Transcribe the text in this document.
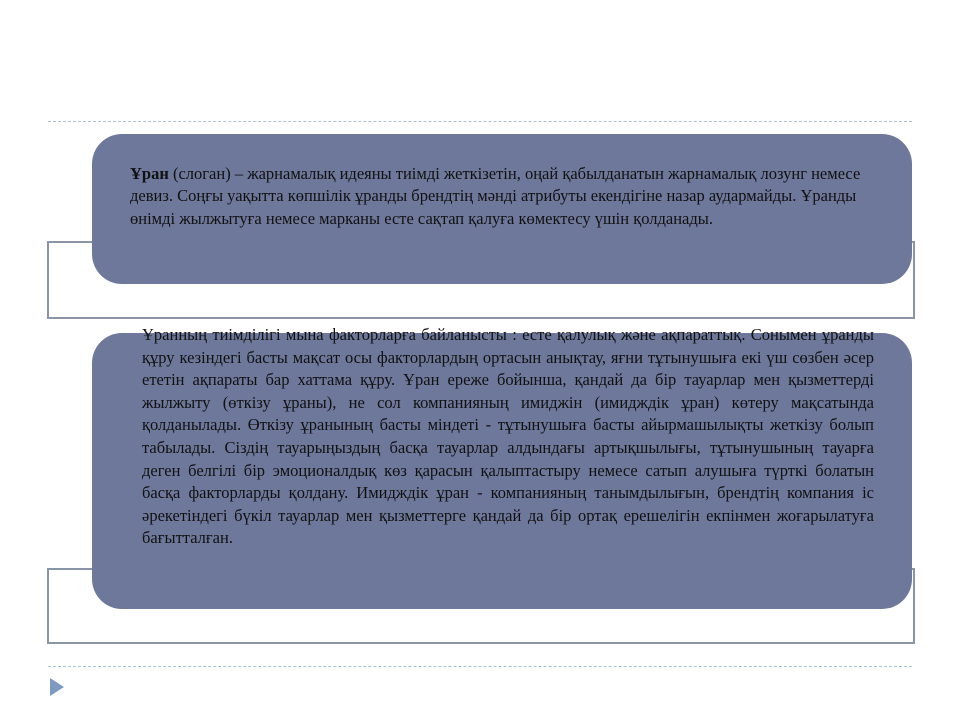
Ұран (слоган) – жарнамалық идеяны тиімді жеткізетін, оңай қабылданатын жарнамалық лозунг немесе девиз. Соңғы уақытта көпшілік ұранды брендтің мәнді атрибуты екендігіне назар аудармайды. Ұранды өнімді жылжытуға немесе марканы есте сақтап қалуға көмектесу үшін қолданады.
Ұранның тиімділігі мына факторларға байланысты : есте қалулық және ақпараттық. Сонымен ұранды құру кезіндегі басты мақсат осы факторлардың ортасын анықтау, яғни тұтынушыға екі үш сөзбен әсер ететін ақпараты бар хаттама құру. Ұран ереже бойынша, қандай да бір тауарлар мен қызметтерді жылжыту (өткізу ұраны), не сол компанияның имиджін (имидждік ұран) көтеру мақсатында қолданылады. Өткізу ұранының басты міндеті - тұтынушыға басты айырмашылықты жеткізу болып табылады. Сіздің тауарыңыздың басқа тауарлар алдындағы артықшылығы, тұтынушының тауарға деген белгілі бір эмоционалдық көз қарасын қалыптастыру немесе сатып алушыға түрткі болатын басқа факторларды қолдану. Имидждік ұран - компанияның танымдылығын, брендтің компания іс әрекетіндегі бүкіл тауарлар мен қызметтерге қандай да бір ортақ ерешелігін екпінмен жоғарылатуға бағытталған.
